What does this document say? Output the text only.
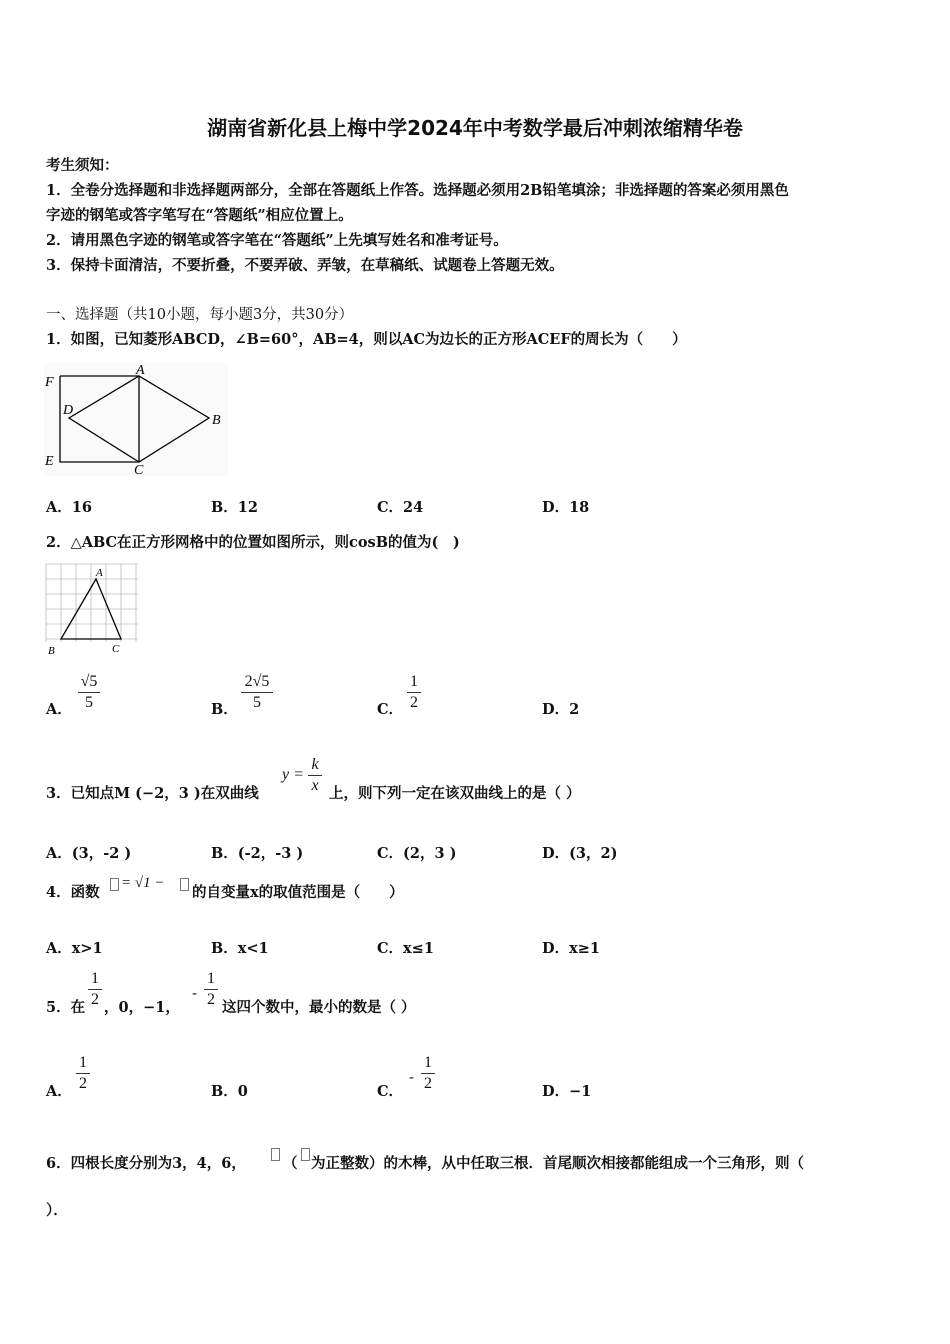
湖南省新化县上梅中学2024年中考数学最后冲刺浓缩精华卷
考生须知：
1．全卷分选择题和非选择题两部分，全部在答题纸上作答。选择题必须用2B铅笔填涂；非选择题的答案必须用黑色
字迹的钢笔或答字笔写在“答题纸”相应位置上。
2．请用黑色字迹的钢笔或答字笔在“答题纸”上先填写姓名和准考证号。
3．保持卡面清洁，不要折叠，不要弄破、弄皱，在草稿纸、试题卷上答题无效。
一、选择题（共10小题，每小题3分，共30分）
1．如图，已知菱形ABCD，∠B=60°，AB=4，则以AC为边长的正方形ACEF的周长为（　　）
F
A
D
B
E
C
A．16	B．12	C．24	D．18
2．△ABC在正方形网格中的位置如图所示，则cosB的值为(　)
A
B	C
A．
√5
5	B．
2√5
5	C．
1
2	D．2
3．已知点M (−2，3 )在双曲线
y =
k
x 上，则下列一定在该双曲线上的是（ ）
A．(3，-2 )	B．(-2，-3 )	C．(2，3 )	D．(3，2)
4．函数
= √1 −
的自变量x的取值范围是（　　）
A．x>1	B．x<1	C．x≤1	D．x≥1
5．在
1
2 ，0，−1，
-
1
2 这四个数中，最小的数是（ ）
A．
1
2	B．0	C．
-
1
2	D．−1
6．四根长度分别为3，4，6，	（ 为正整数）的木棒，从中任取三根．首尾顺次相接都能组成一个三角形，则（
）．
